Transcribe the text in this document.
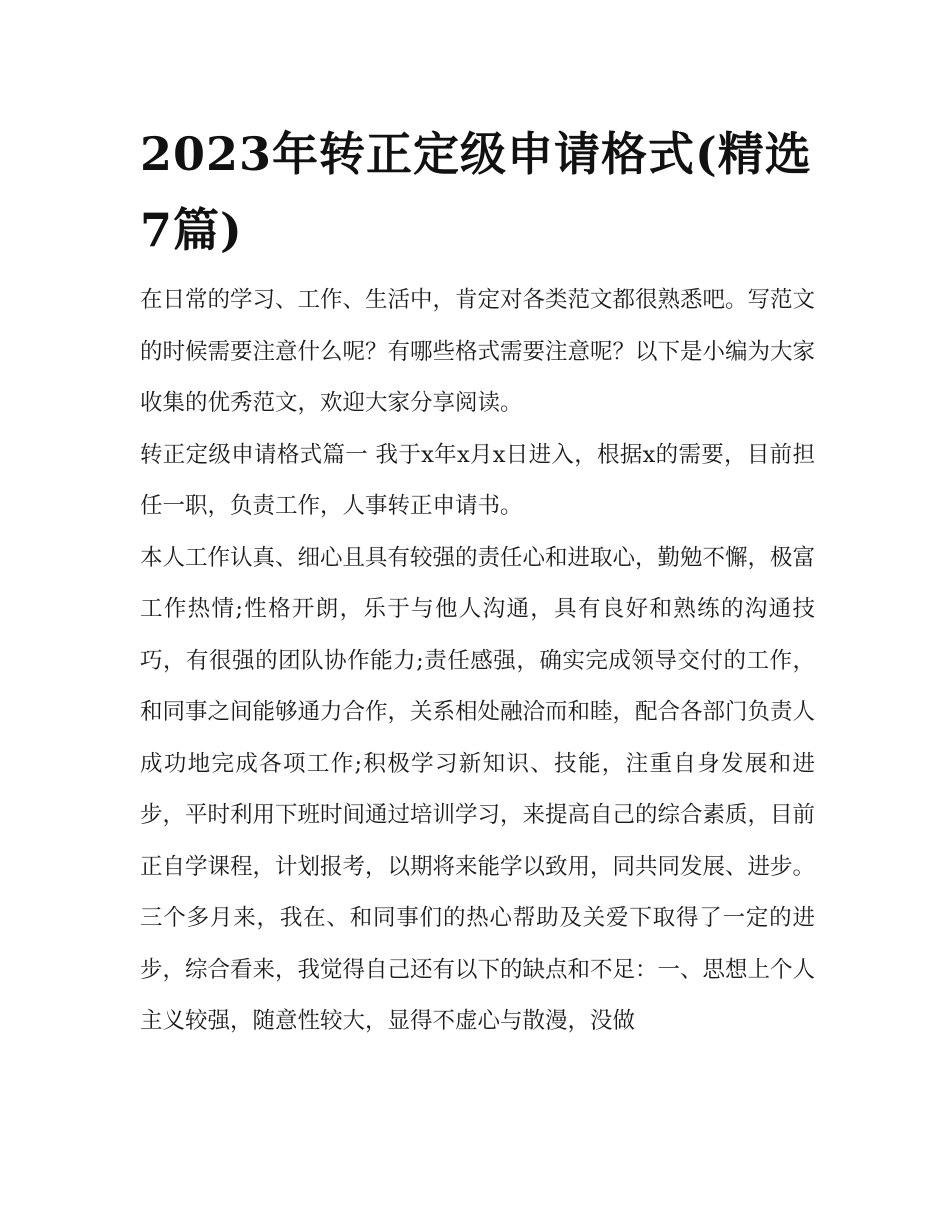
2023年转正定级申请格式(精选7篇)

在日常的学习、工作、生活中，肯定对各类范文都很熟悉吧。写范文的时候需要注意什么呢？有哪些格式需要注意呢？以下是小编为大家收集的优秀范文，欢迎大家分享阅读。

转正定级申请格式篇一 我于x年x月x日进入，根据x的需要，目前担任一职，负责工作，人事转正申请书。

本人工作认真、细心且具有较强的责任心和进取心，勤勉不懈，极富工作热情;性格开朗，乐于与他人沟通，具有良好和熟练的沟通技巧，有很强的团队协作能力;责任感强，确实完成领导交付的工作，和同事之间能够通力合作，关系相处融洽而和睦，配合各部门负责人成功地完成各项工作;积极学习新知识、技能，注重自身发展和进步，平时利用下班时间通过培训学习，来提高自己的综合素质，目前正自学课程，计划报考，以期将来能学以致用，同共同发展、进步。

三个多月来，我在、和同事们的热心帮助及关爱下取得了一定的进步，综合看来，我觉得自己还有以下的缺点和不足：一、思想上个人主义较强，随意性较大，显得不虚心与散漫，没做
